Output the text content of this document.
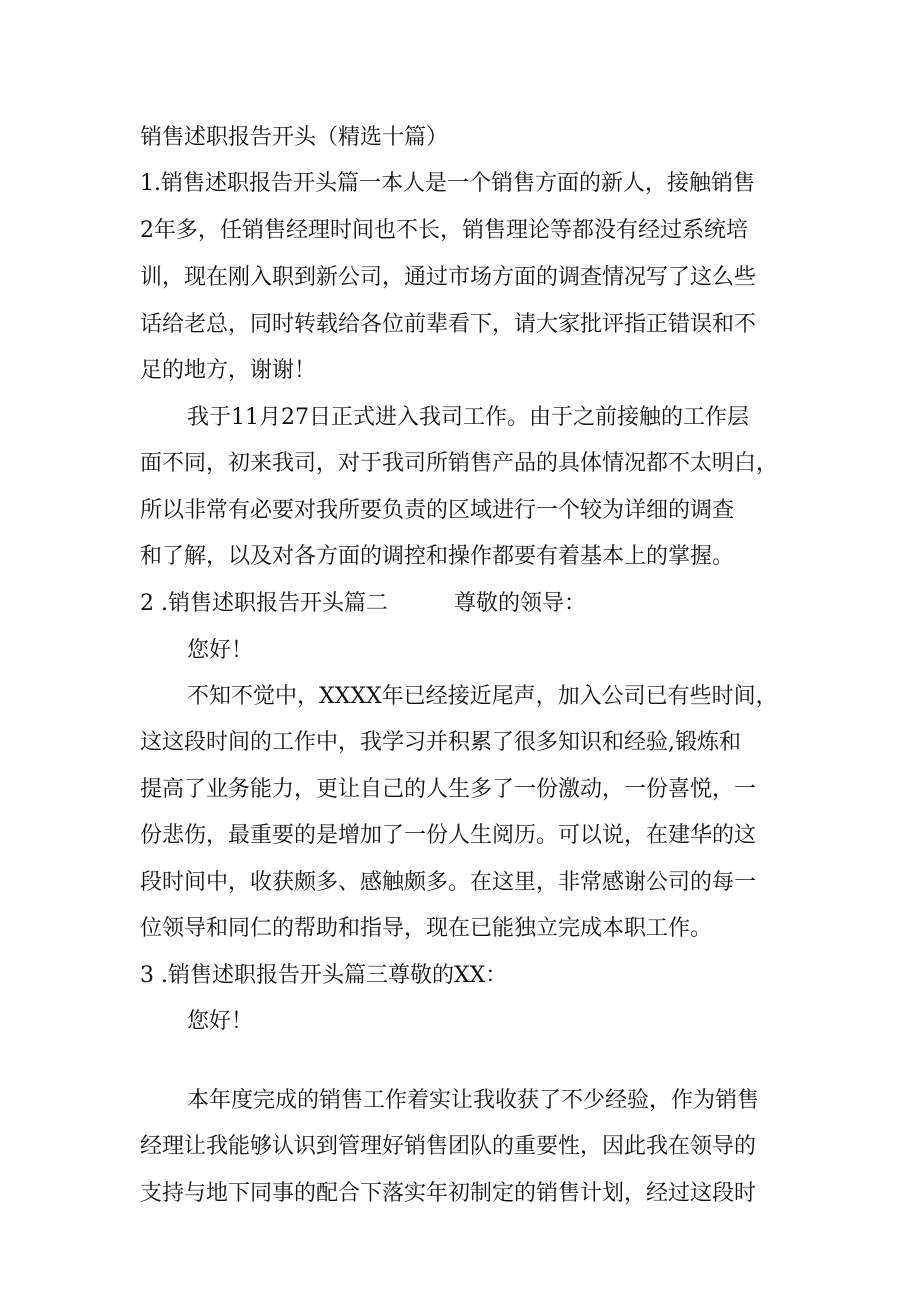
销售述职报告开头（精选十篇）

1.销售述职报告开头篇一本人是一个销售方面的新人，接触销售

2年多，任销售经理时间也不长，销售理论等都没有经过系统培

训，现在刚入职到新公司，通过市场方面的调查情况写了这么些

话给老总，同时转载给各位前辈看下，请大家批评指正错误和不

足的地方，谢谢！

我于11月27日正式进入我司工作。由于之前接触的工作层

面不同，初来我司，对于我司所销售产品的具体情况都不太明白，

所以非常有必要对我所要负责的区域进行一个较为详细的调查

和了解，以及对各方面的调控和操作都要有着基本上的掌握。

2 .销售述职报告开头篇二　　　尊敬的领导：

您好！

不知不觉中，XXXX年已经接近尾声，加入公司已有些时间，

这这段时间的工作中，我学习并积累了很多知识和经验,锻炼和

提高了业务能力，更让自己的人生多了一份激动，一份喜悦，一

份悲伤，最重要的是增加了一份人生阅历。可以说，在建华的这

段时间中，收获颇多、感触颇多。在这里，非常感谢公司的每一

位领导和同仁的帮助和指导，现在已能独立完成本职工作。

3 .销售述职报告开头篇三尊敬的XX：

您好！

本年度完成的销售工作着实让我收获了不少经验，作为销售

经理让我能够认识到管理好销售团队的重要性，因此我在领导的

支持与地下同事的配合下落实年初制定的销售计划，经过这段时
